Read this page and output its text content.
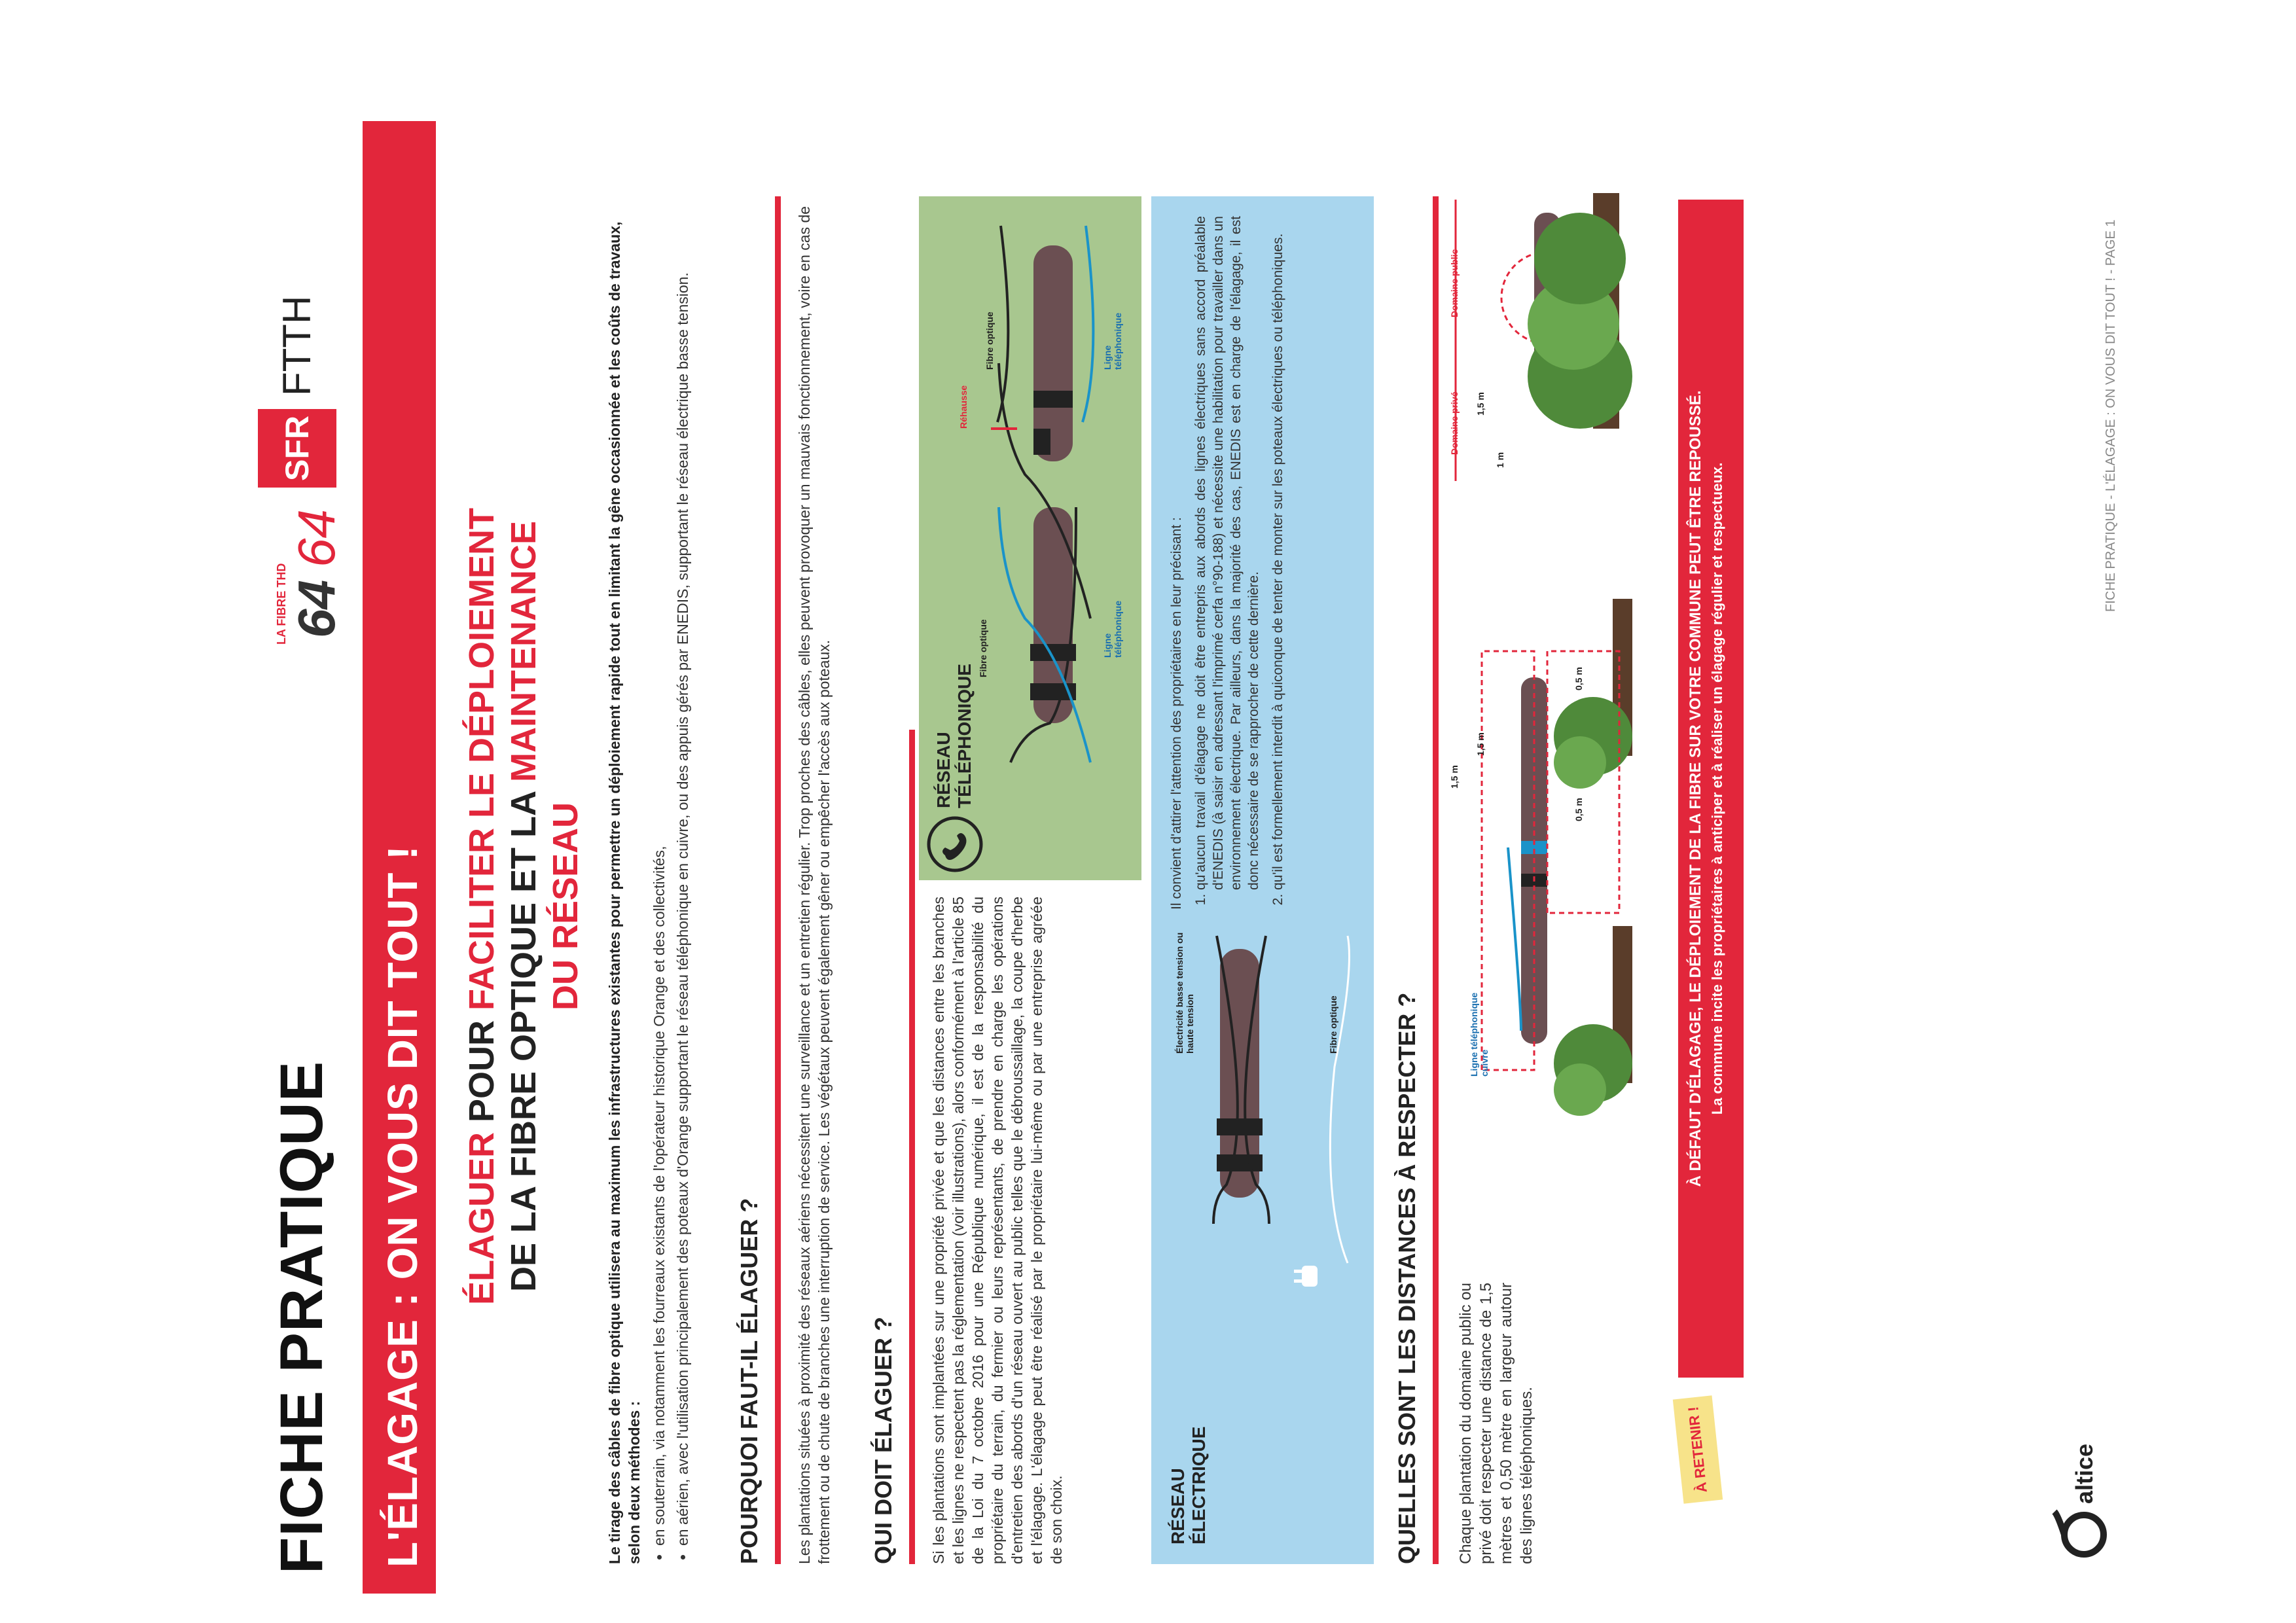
FICHE PRATIQUE
LA FIBRE THD 64
64
SFR
FTTH
L'ÉLAGAGE : ON VOUS DIT TOUT ! ÉLAGUER POUR FACILITER LE DÉPLOIEMENT
DE LA FIBRE OPTIQUE ET LA MAINTENANCE
DU RÉSEAU Le tirage des câbles de fibre optique utilisera au maximum les infrastructures existantes pour permettre un déploiement rapide tout en limitant la gêne occasionnée et les coûts de travaux, selon deux méthodes : • en souterrain, via notamment les fourreaux existants de l'opérateur historique Orange et des collectivités, • en aérien, avec l'utilisation principalement des poteaux d'Orange supportant le réseau téléphonique en cuivre, ou des appuis gérés par ENEDIS, supportant le réseau électrique basse tension. POURQUOI FAUT-IL ÉLAGUER ? Les plantations situées à proximité des réseaux aériens nécessitent une surveillance et un entretien régulier. Trop proches des câbles, elles peuvent provoquer un mauvais fonctionnement, voire en cas de frottement ou de chute de branches une interruption de service. Les végétaux peuvent également gêner ou empêcher l'accès aux poteaux. QUI DOIT ÉLAGUER ? Si les plantations sont implantées sur une propriété privée et que les distances entre les branches et les lignes ne respectent pas la réglementation (voir illustrations), alors conformément à l'article 85 de la Loi du 7 octobre 2016 pour une République numérique, il est de la responsabilité du propriétaire du terrain, du fermier ou leurs représentants, de prendre en charge les opérations d'entretien des abords d'un réseau ouvert au public telles que le débroussaillage, la coupe d'herbe et l'élagage. L'élagage peut être réalisé par le propriétaire lui-même ou par une entreprise agréée de son choix.
RÉSEAU TÉLÉPHONIQUE
Fibre optique	Ligne téléphonique
Réhausse
Fibre optique	Ligne téléphonique
RÉSEAU ÉLECTRIQUE
Électricité basse tension ou haute tension	Fibre optique
Il convient d'attirer l'attention des propriétaires en leur précisant : 1. qu'aucun travail d'élagage ne doit être entrepris aux abords des lignes électriques sans accord préalable d'ENEDIS (à saisir en adressant l'imprimé cerfa n°90-188) et nécessite une habilitation pour travailler dans un environnement électrique. Par ailleurs, dans la majorité des cas, ENEDIS est en charge de l'élagage, il est donc nécessaire de se rapprocher de cette dernière. 2. qu'il est formellement interdit à quiconque de tenter de monter sur les poteaux électriques ou téléphoniques.
QUELLES SONT LES DISTANCES À RESPECTER ? Chaque plantation du domaine public ou privé doit respecter une distance de 1,5 mètres et 0,50 mètre en largeur autour des lignes téléphoniques.
Ligne téléphonique cuivre
1,5 m
1,5 m
0,5 m
0,5 m
Domaine privé
Domaine public
1 m
1,5 m
À RETENIR !
À DÉFAUT D'ÉLAGAGE, LE DÉPLOIEMENT DE LA FIBRE SUR VOTRE COMMUNE PEUT ÊTRE REPOUSSÉ. La commune incite les propriétaires à anticiper et à réaliser un élagage régulier et respectueux.
altice
FICHE PRATIQUE - L'ÉLAGAGE : ON VOUS DIT TOUT ! - PAGE 1
